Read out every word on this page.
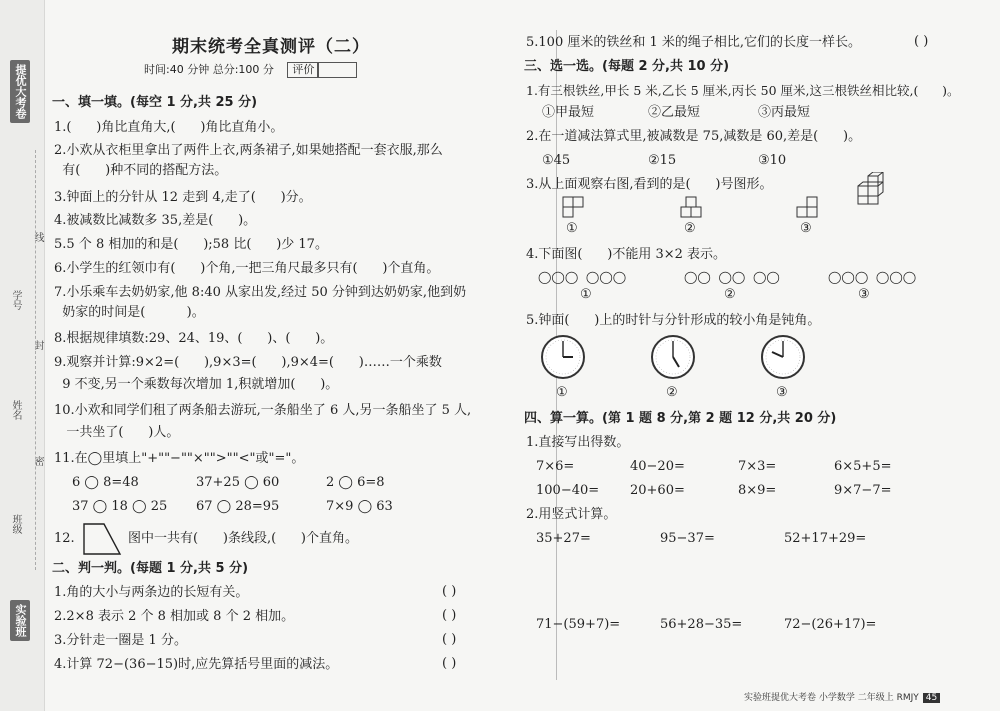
提优大考卷
线
学号
封
姓名
密
班级
实验班
期末统考全真测评（二）
时间:40 分钟 总分:100 分 评价
一、填一填。(每空 1 分,共 25 分)
1.(      )角比直角大,(      )角比直角小。
2.小欢从衣柜里拿出了两件上衣,两条裙子,如果她搭配一套衣服,那么
有(      )种不同的搭配方法。
3.钟面上的分针从 12 走到 4,走了(      )分。
4.被减数比减数多 35,差是(      )。
5.5 个 8 相加的和是(      );58 比(      )少 17。
6.小学生的红领巾有(      )个角,一把三角尺最多只有(      )个直角。
7.小乐乘车去奶奶家,他 8:40 从家出发,经过 50 分钟到达奶奶家,他到奶
奶家的时间是(          )。
8.根据规律填数:29、24、19、(      )、(      )。
9.观察并计算:9×2=(      ),9×3=(      ),9×4=(      )……一个乘数
9 不变,另一个乘数每次增加 1,积就增加(      )。
10.小欢和同学们租了两条船去游玩,一条船坐了 6 人,另一条船坐了 5 人,
一共坐了(      )人。
11.在◯里填上"+""−""×"">""<"或"="。
6 ◯ 8=48	37+25 ◯ 60	2 ◯ 6=8
37 ◯ 18 ◯ 25 67 ◯ 28=95	7×9 ◯ 63
12.	图中一共有(      )条线段,(      )个直角。
二、判一判。(每题 1 分,共 5 分)
1.角的大小与两条边的长短有关。	( )
2.2×8 表示 2 个 8 相加或 8 个 2 相加。	( )
3.分针走一圈是 1 分。	( )
4.计算 72−(36−15)时,应先算括号里面的减法。	( )
5.100 厘米的铁丝和 1 米的绳子相比,它们的长度一样长。	( )
三、选一选。(每题 2 分,共 10 分)
1.有三根铁丝,甲长 5 米,乙长 5 厘米,丙长 50 厘米,这三根铁丝相比较,(      )。
①甲最短	②乙最短	③丙最短
2.在一道减法算式里,被减数是 75,减数是 60,差是(      )。
①45	②15	③10
3.从上面观察右图,看到的是(      )号图形。
①	②	③
4.下面图(      )不能用 3×2 表示。
◯◯◯  ◯◯◯	◯◯  ◯◯  ◯◯	◯◯◯  ◯◯◯
①	②	③
5.钟面(      )上的时针与分针形成的较小角是钝角。
①	②	③
四、算一算。(第 1 题 8 分,第 2 题 12 分,共 20 分)
1.直接写出得数。
7×6=	40−20=	7×3=	6×5+5=
100−40= 20+60=	8×9=	9×7−7=
2.用竖式计算。
35+27=	95−37=	52+17+29=
71−(59+7)=	56+28−35=	72−(26+17)=
实验班提优大考卷 小学数学 二年级上 RMJY 45
